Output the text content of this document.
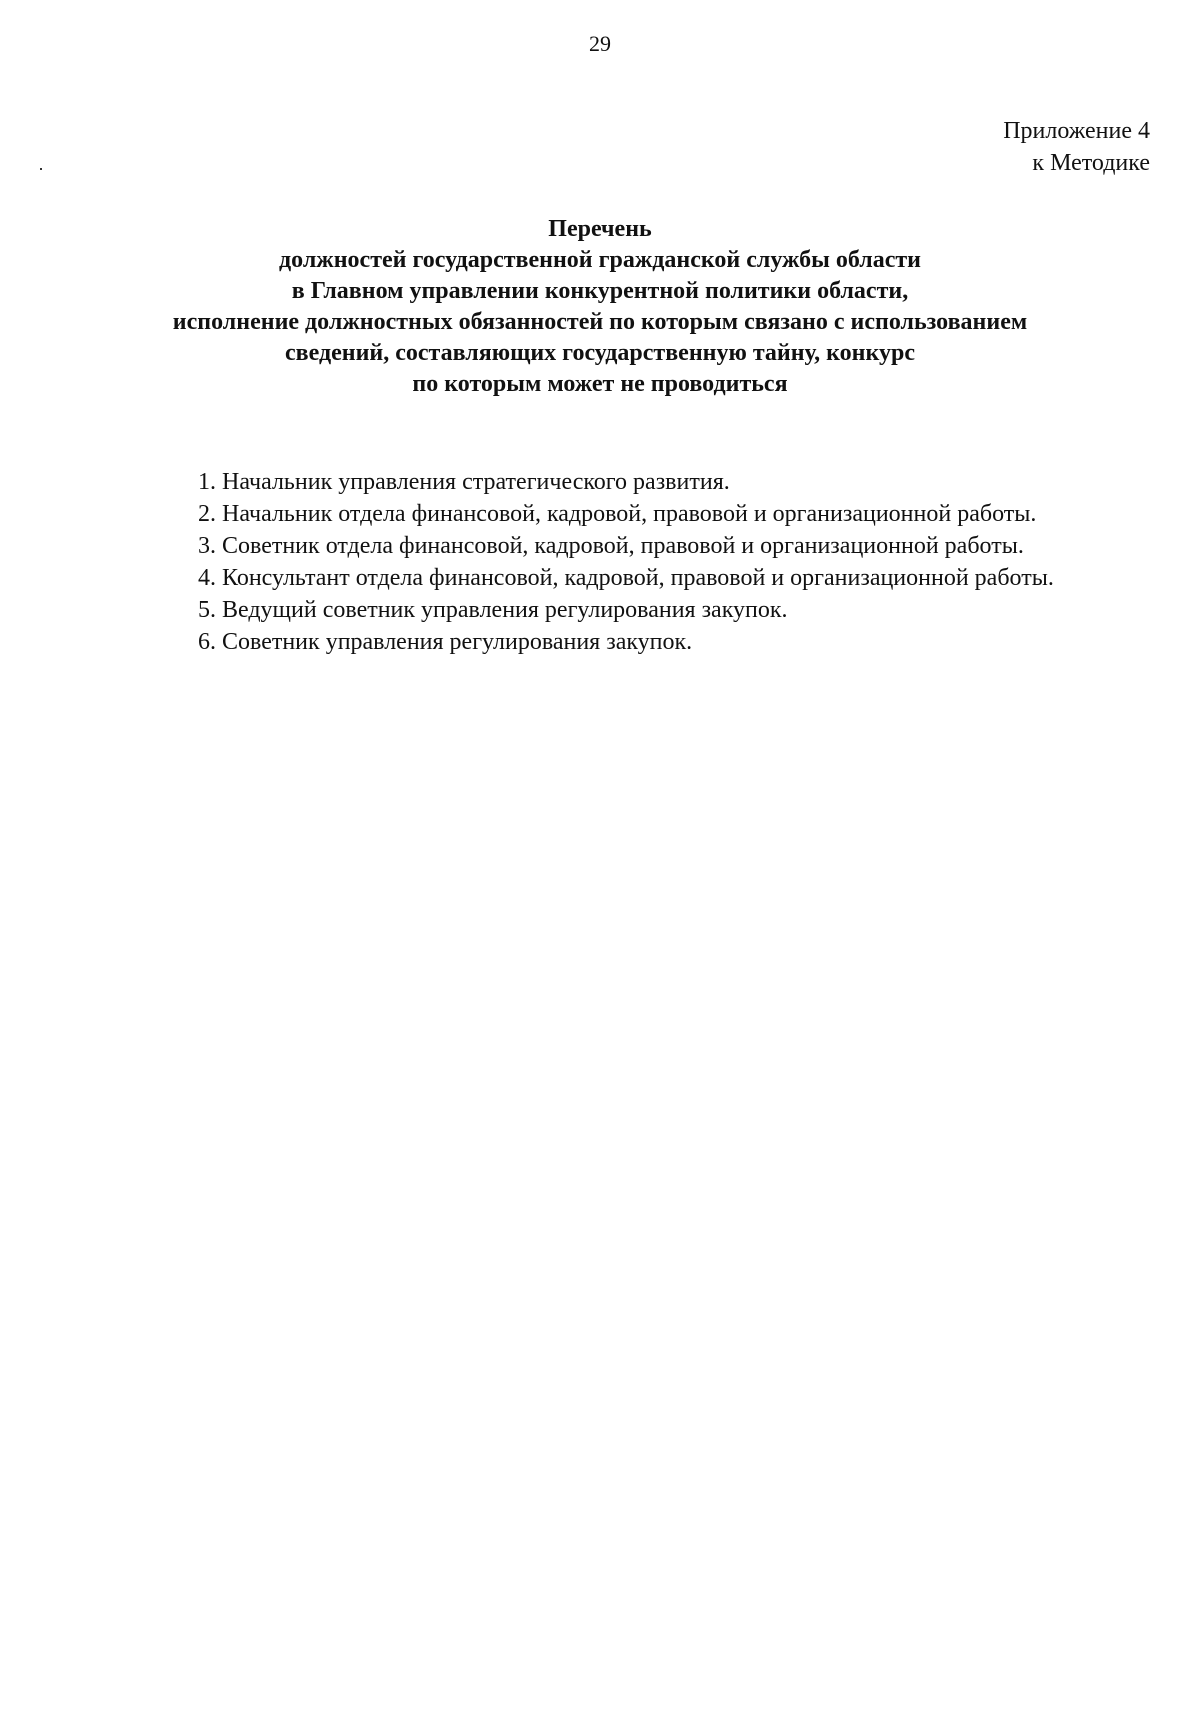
29
Приложение 4
к Методике
Перечень
должностей государственной гражданской службы области
в Главном управлении конкурентной политики области,
исполнение должностных обязанностей по которым связано с использованием
сведений, составляющих государственную тайну, конкурс
по которым может не проводиться
1. Начальник управления стратегического развития.
2. Начальник отдела финансовой, кадровой, правовой и организационной работы.
3. Советник отдела финансовой, кадровой, правовой и организационной работы.
4. Консультант отдела финансовой, кадровой, правовой и организационной работы.
5. Ведущий советник управления регулирования закупок.
6. Советник управления регулирования закупок.
